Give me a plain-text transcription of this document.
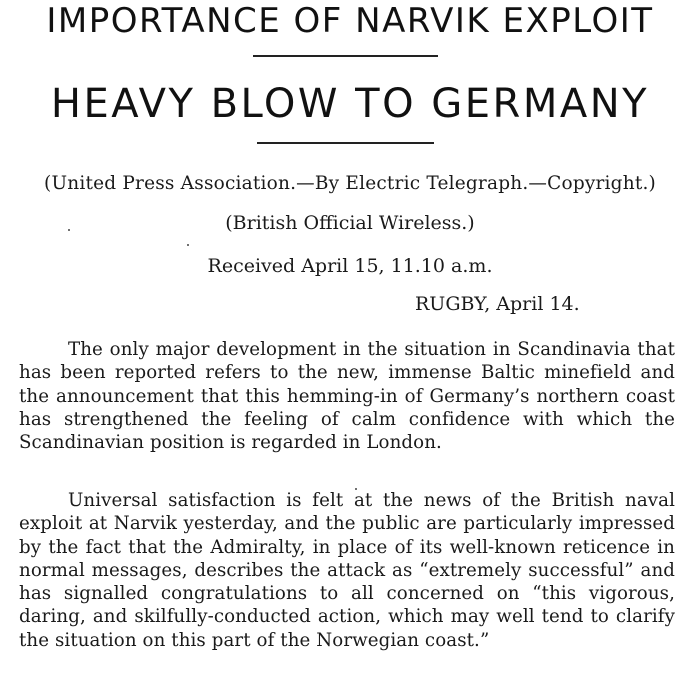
IMPORTANCE OF NARVIK EXPLOIT
HEAVY BLOW TO GERMANY

(United Press Association.—By Electric Telegraph.—Copyright.)

(British Official Wireless.)

Received April 15, 11.10 a.m.

RUGBY, April 14.

The only major development in the situation in Scandinavia that has been reported refers to the new, immense Baltic minefield and the announcement that this hemming-in of Germany’s northern coast has strengthened the feeling of calm confidence with which the Scandinavian position is regarded in London.

Universal satisfaction is felt at the news of the British naval exploit at Narvik yesterday, and the public are particularly impressed by the fact that the Admiralty, in place of its well-known reticence in normal messages, describes the attack as “extremely successful” and has signalled congratulations to all concerned on “this vigorous, daring, and skilfully-conducted action, which may well tend to clarify the situation on this part of the Norwegian coast.”
